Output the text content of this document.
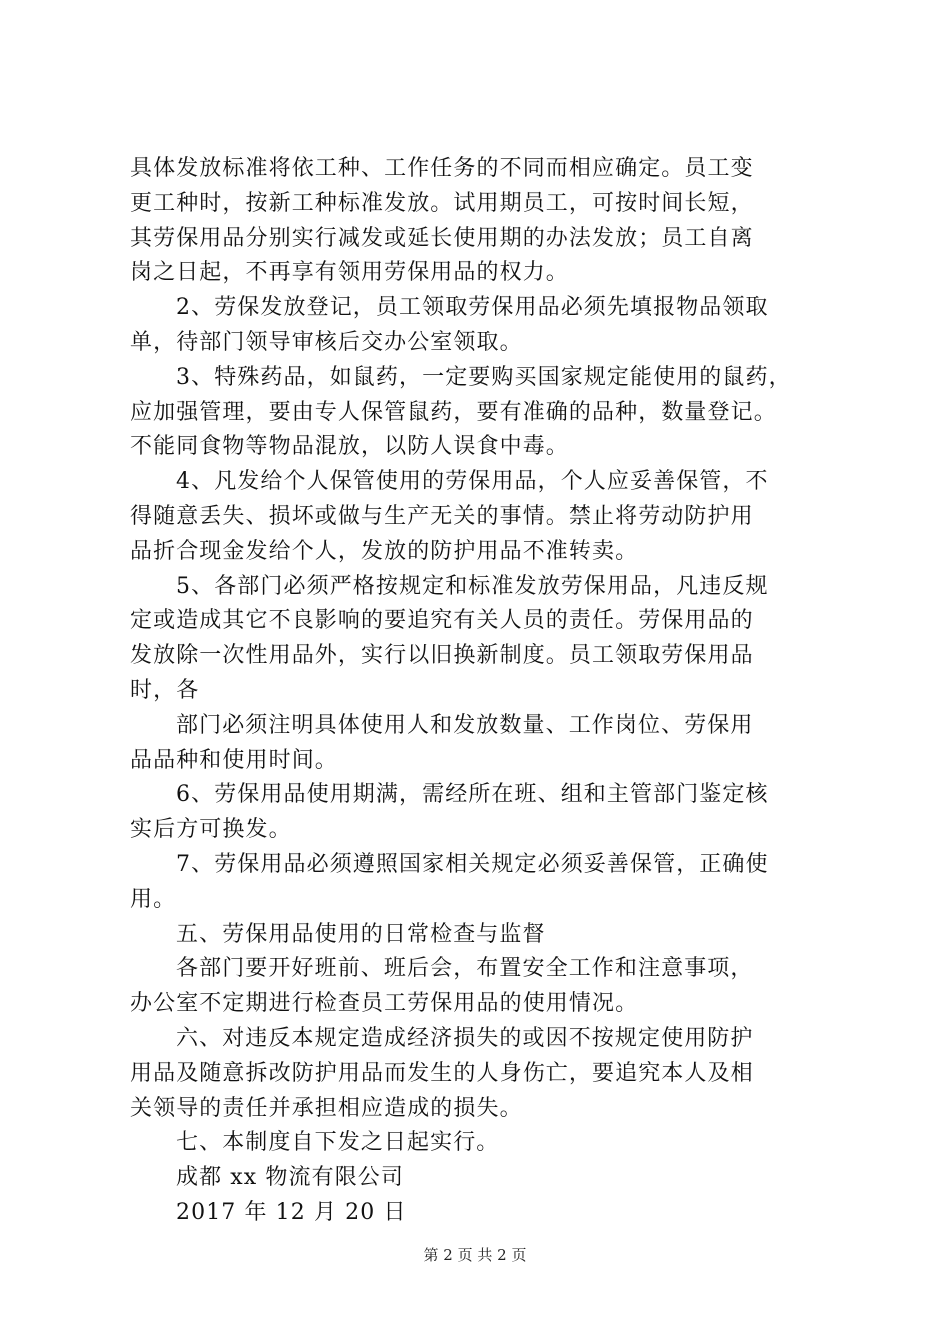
具体发放标准将依工种、工作任务的不同而相应确定。员工变
更工种时，按新工种标准发放。试用期员工，可按时间长短，
其劳保用品分别实行减发或延长使用期的办法发放；员工自离
岗之日起，不再享有领用劳保用品的权力。
2、劳保发放登记，员工领取劳保用品必须先填报物品领取
单，待部门领导审核后交办公室领取。
3、特殊药品，如鼠药，一定要购买国家规定能使用的鼠药，
应加强管理，要由专人保管鼠药，要有准确的品种，数量登记。
不能同食物等物品混放，以防人误食中毒。
4、凡发给个人保管使用的劳保用品，个人应妥善保管，不
得随意丢失、损坏或做与生产无关的事情。禁止将劳动防护用
品折合现金发给个人，发放的防护用品不准转卖。
5、各部门必须严格按规定和标准发放劳保用品，凡违反规
定或造成其它不良影响的要追究有关人员的责任。劳保用品的
发放除一次性用品外，实行以旧换新制度。员工领取劳保用品
时，各
部门必须注明具体使用人和发放数量、工作岗位、劳保用
品品种和使用时间。
6、劳保用品使用期满，需经所在班、组和主管部门鉴定核
实后方可换发。
7、劳保用品必须遵照国家相关规定必须妥善保管，正确使
用。
五、劳保用品使用的日常检查与监督
各部门要开好班前、班后会，布置安全工作和注意事项，
办公室不定期进行检查员工劳保用品的使用情况。
六、对违反本规定造成经济损失的或因不按规定使用防护
用品及随意拆改防护用品而发生的人身伤亡，要追究本人及相
关领导的责任并承担相应造成的损失。
七、本制度自下发之日起实行。
成都 xx 物流有限公司
2017 年 12 月 20 日
第 2 页 共 2 页
